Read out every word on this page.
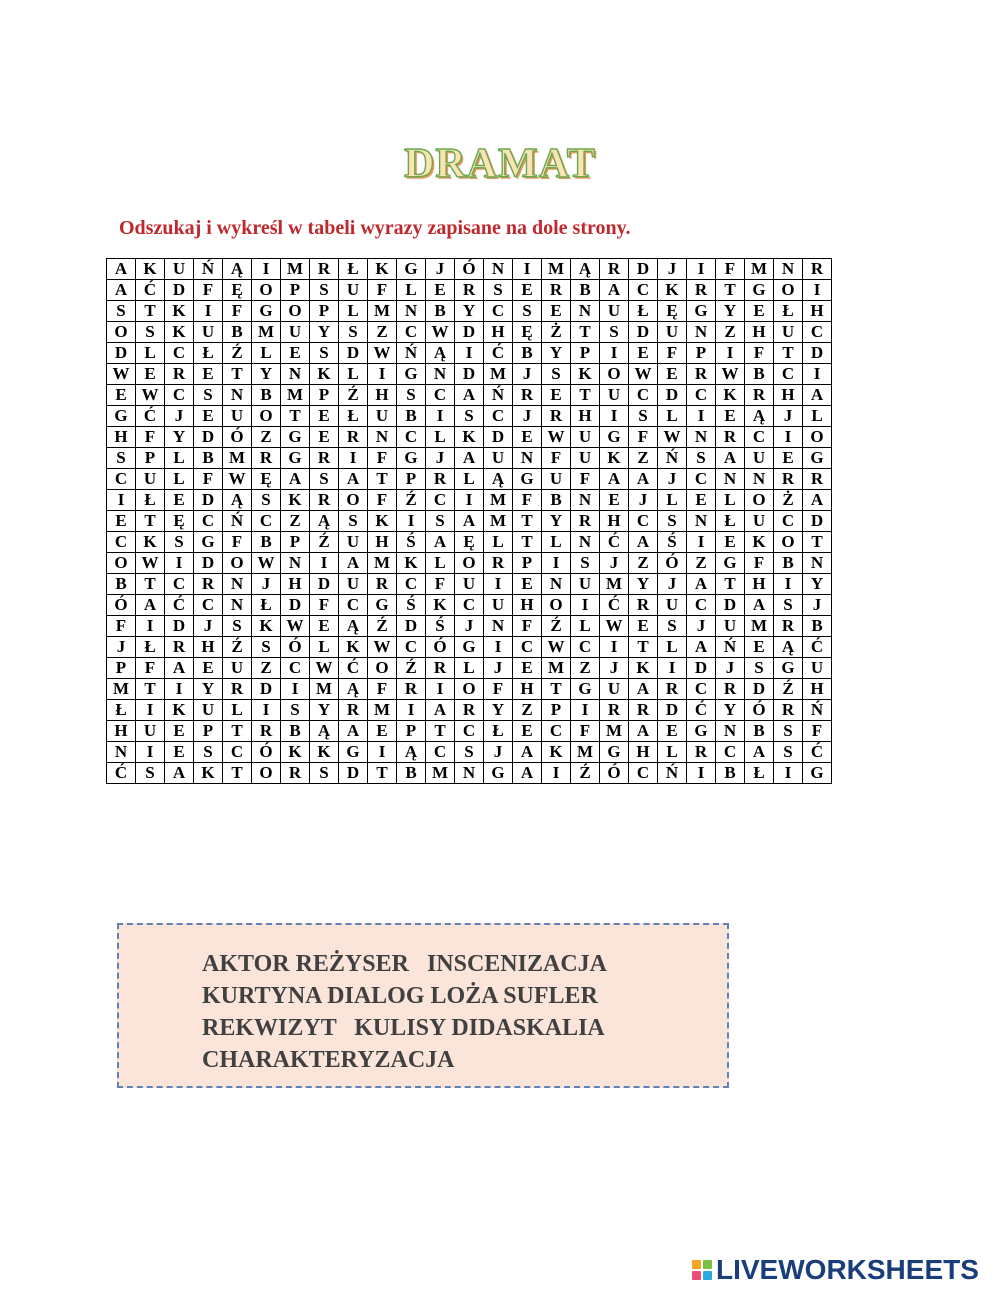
DRAMAT
Odszukaj i wykreśl w tabeli wyrazy zapisane na dole strony.
A	K	U	Ń	Ą	I	M	R	Ł	K	G	J	Ó	N	I	M	Ą	R	D	J	I	F	M	N	R
A	Ć	D	F	Ę	O	P	S	U	F	L	E	R	S	E	R	B	A	C	K	R	T	G	O	I
S	T	K	I	F	G	O	P	L	M	N	B	Y	C	S	E	N	U	Ł	Ę	G	Y	E	Ł	H
O	S	K	U	B	M	U	Y	S	Z	C	W	D	H	Ę	Ż	T	S	D	U	N	Z	H	U	C
D	L	C	Ł	Ź	L	E	S	D	W	Ń	Ą	I	Ć	B	Y	P	I	E	F	P	I	F	T	D
W	E	R	E	T	Y	N	K	L	I	G	N	D	M	J	S	K	O	W	E	R	W	B	C	I
E	W	C	S	N	B	M	P	Ź	H	S	C	A	Ń	R	E	T	U	C	D	C	K	R	H	A
G	Ć	J	E	U	O	T	E	Ł	U	B	I	S	C	J	R	H	I	S	L	I	E	Ą	J	L
H	F	Y	D	Ó	Z	G	E	R	N	C	L	K	D	E	W	U	G	F	W	N	R	C	I	O
S	P	L	B	M	R	G	R	I	F	G	J	A	U	N	F	U	K	Z	Ń	S	A	U	E	G
C	U	L	F	W	Ę	A	S	A	T	P	R	L	Ą	G	U	F	A	A	J	C	N	N	R	R
I	Ł	E	D	Ą	S	K	R	O	F	Ź	C	I	M	F	B	N	E	J	L	E	L	O	Ż	A
E	T	Ę	C	Ń	C	Z	Ą	S	K	I	S	A	M	T	Y	R	H	C	S	N	Ł	U	C	D
C	K	S	G	F	B	P	Ź	U	H	Ś	A	Ę	L	T	L	N	Ć	A	Ś	I	E	K	O	T
O	W	I	D	O	W	N	I	A	M	K	L	O	R	P	I	S	J	Z	Ó	Z	G	F	B	N
B	T	C	R	N	J	H	D	U	R	C	F	U	I	E	N	U	M	Y	J	A	T	H	I	Y
Ó	A	Ć	C	N	Ł	D	F	C	G	Ś	K	C	U	H	O	I	Ć	R	U	C	D	A	S	J
F	I	D	J	S	K	W	E	Ą	Ź	D	Ś	J	N	F	Ź	L	W	E	S	J	U	M	R	B
J	Ł	R	H	Ź	S	Ó	L	K	W	C	Ó	G	I	C	W	C	I	T	L	A	Ń	E	Ą	Ć
P	F	A	E	U	Z	C	W	Ć	O	Ź	R	L	J	E	M	Z	J	K	I	D	J	S	G	U
M	T	I	Y	R	D	I	M	Ą	F	R	I	O	F	H	T	G	U	A	R	C	R	D	Ź	H
Ł	I	K	U	L	I	S	Y	R	M	I	A	R	Y	Z	P	I	R	R	D	Ć	Y	Ó	R	Ń
H	U	E	P	T	R	B	Ą	A	E	P	T	C	Ł	E	C	F	M	A	E	G	N	B	S	F
N	I	E	S	C	Ó	K	K	G	I	Ą	C	S	J	A	K	M	G	H	L	R	C	A	S	Ć
Ć	S	A	K	T	O	R	S	D	T	B	M	N	G	A	I	Ź	Ó	C	Ń	I	B	Ł	I	G
AKTOR REŻYSER   INSCENIZACJA
KURTYNA DIALOG LOŻA SUFLER
REKWIZYT   KULISY DIDASKALIA
CHARAKTERYZACJA
LIVEWORKSHEETS
